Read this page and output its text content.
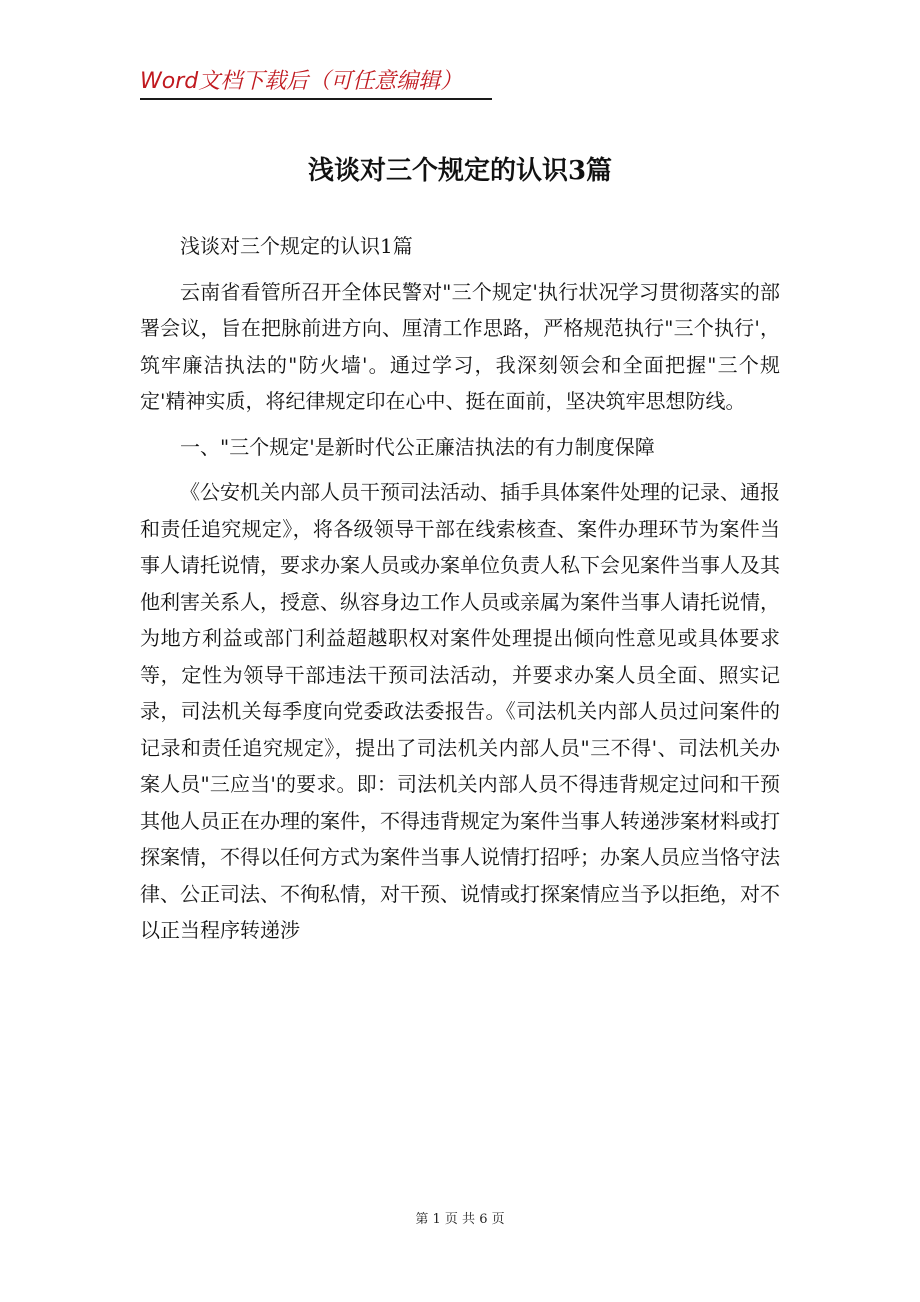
Word文档下载后（可任意编辑）
浅谈对三个规定的认识3篇

浅谈对三个规定的认识1篇

云南省看管所召开全体民警对"三个规定'执行状况学习贯彻落实的部署会议，旨在把脉前进方向、厘清工作思路，严格规范执行"三个执行'，筑牢廉洁执法的"防火墙'。通过学习，我深刻领会和全面把握"三个规定'精神实质，将纪律规定印在心中、挺在面前，坚决筑牢思想防线。

一、"三个规定'是新时代公正廉洁执法的有力制度保障

《公安机关内部人员干预司法活动、插手具体案件处理的记录、通报和责任追究规定》，将各级领导干部在线索核查、案件办理环节为案件当事人请托说情，要求办案人员或办案单位负责人私下会见案件当事人及其他利害关系人，授意、纵容身边工作人员或亲属为案件当事人请托说情，为地方利益或部门利益超越职权对案件处理提出倾向性意见或具体要求等，定性为领导干部违法干预司法活动，并要求办案人员全面、照实记录，司法机关每季度向党委政法委报告。《司法机关内部人员过问案件的记录和责任追究规定》，提出了司法机关内部人员"三不得'、司法机关办案人员"三应当'的要求。即：司法机关内部人员不得违背规定过问和干预其他人员正在办理的案件，不得违背规定为案件当事人转递涉案材料或打探案情，不得以任何方式为案件当事人说情打招呼；办案人员应当恪守法律、公正司法、不徇私情，对干预、说情或打探案情应当予以拒绝，对不以正当程序转递涉

第 1 页 共 6 页
